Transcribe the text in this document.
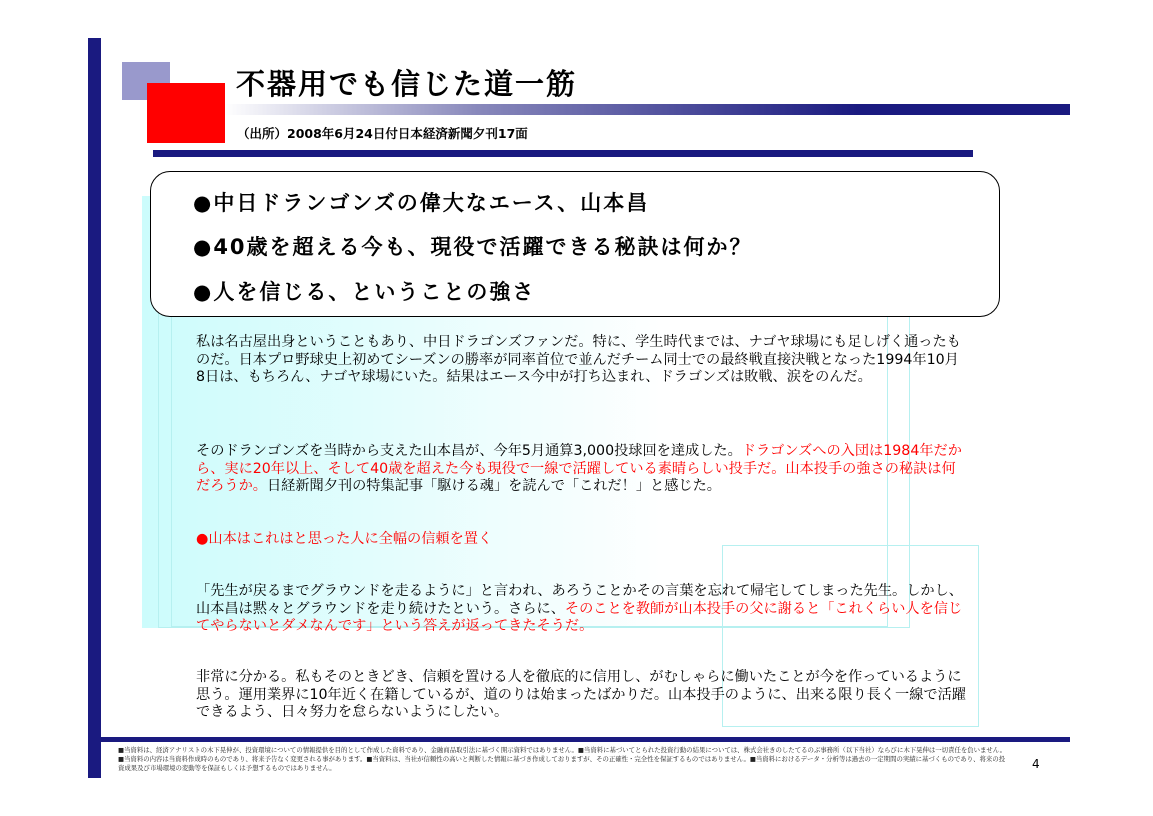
不器用でも信じた道一筋
（出所）2008年6月24日付日本経済新聞夕刊17面
●中日ドランゴンズの偉大なエース、山本昌
●40歳を超える今も、現役で活躍できる秘訣は何か？
●人を信じる、ということの強さ
私は名古屋出身ということもあり、中日ドラゴンズファンだ。特に、学生時代までは、ナゴヤ球場にも足しげく通ったものだ。日本プロ野球史上初めてシーズンの勝率が同率首位で並んだチーム同士での最終戦直接決戦となった1994年10月8日は、もちろん、ナゴヤ球場にいた。結果はエース今中が打ち込まれ、ドラゴンズは敗戦、涙をのんだ。
そのドランゴンズを当時から支えた山本昌が、今年5月通算3,000投球回を達成した。ドラゴンズへの入団は1984年だから、実に20年以上、そして40歳を超えた今も現役で一線で活躍している素晴らしい投手だ。山本投手の強さの秘訣は何だろうか。日経新聞夕刊の特集記事「駆ける魂」を読んで「これだ！」と感じた。
●山本はこれはと思った人に全幅の信頼を置く
「先生が戻るまでグラウンドを走るように」と言われ、あろうことかその言葉を忘れて帰宅してしまった先生。しかし、山本昌は黙々とグラウンドを走り続けたという。さらに、そのことを教師が山本投手の父に謝ると「これくらい人を信じてやらないとダメなんです」という答えが返ってきたそうだ。
非常に分かる。私もそのときどき、信頼を置ける人を徹底的に信用し、がむしゃらに働いたことが今を作っているように思う。運用業界に10年近く在籍しているが、道のりは始まったばかりだ。山本投手のように、出来る限り長く一線で活躍できるよう、日々努力を怠らないようにしたい。
■当資料は、経済アナリストの木下晃伸が、投資環境についての情報提供を目的として作成した資料であり、金融商品取引法に基づく開示資料ではありません。■当資料に基づいてとられた投資行動の結果については、株式会社きのしたてるのぶ事務所（以下当社）ならびに木下晃伸は一切責任を負いません。■当資料の内容は当資料作成時のものであり、将来予告なく変更される事があります。■当資料は、当社が信頼性の高いと判断した情報に基づき作成しておりますが、その正確性・完全性を保証するものではありません。■当資料におけるデータ・分析等は過去の一定期間の実績に基づくものであり、将来の投資成果及び市場環境の変動等を保証もしくは予想するものではありません。	4
